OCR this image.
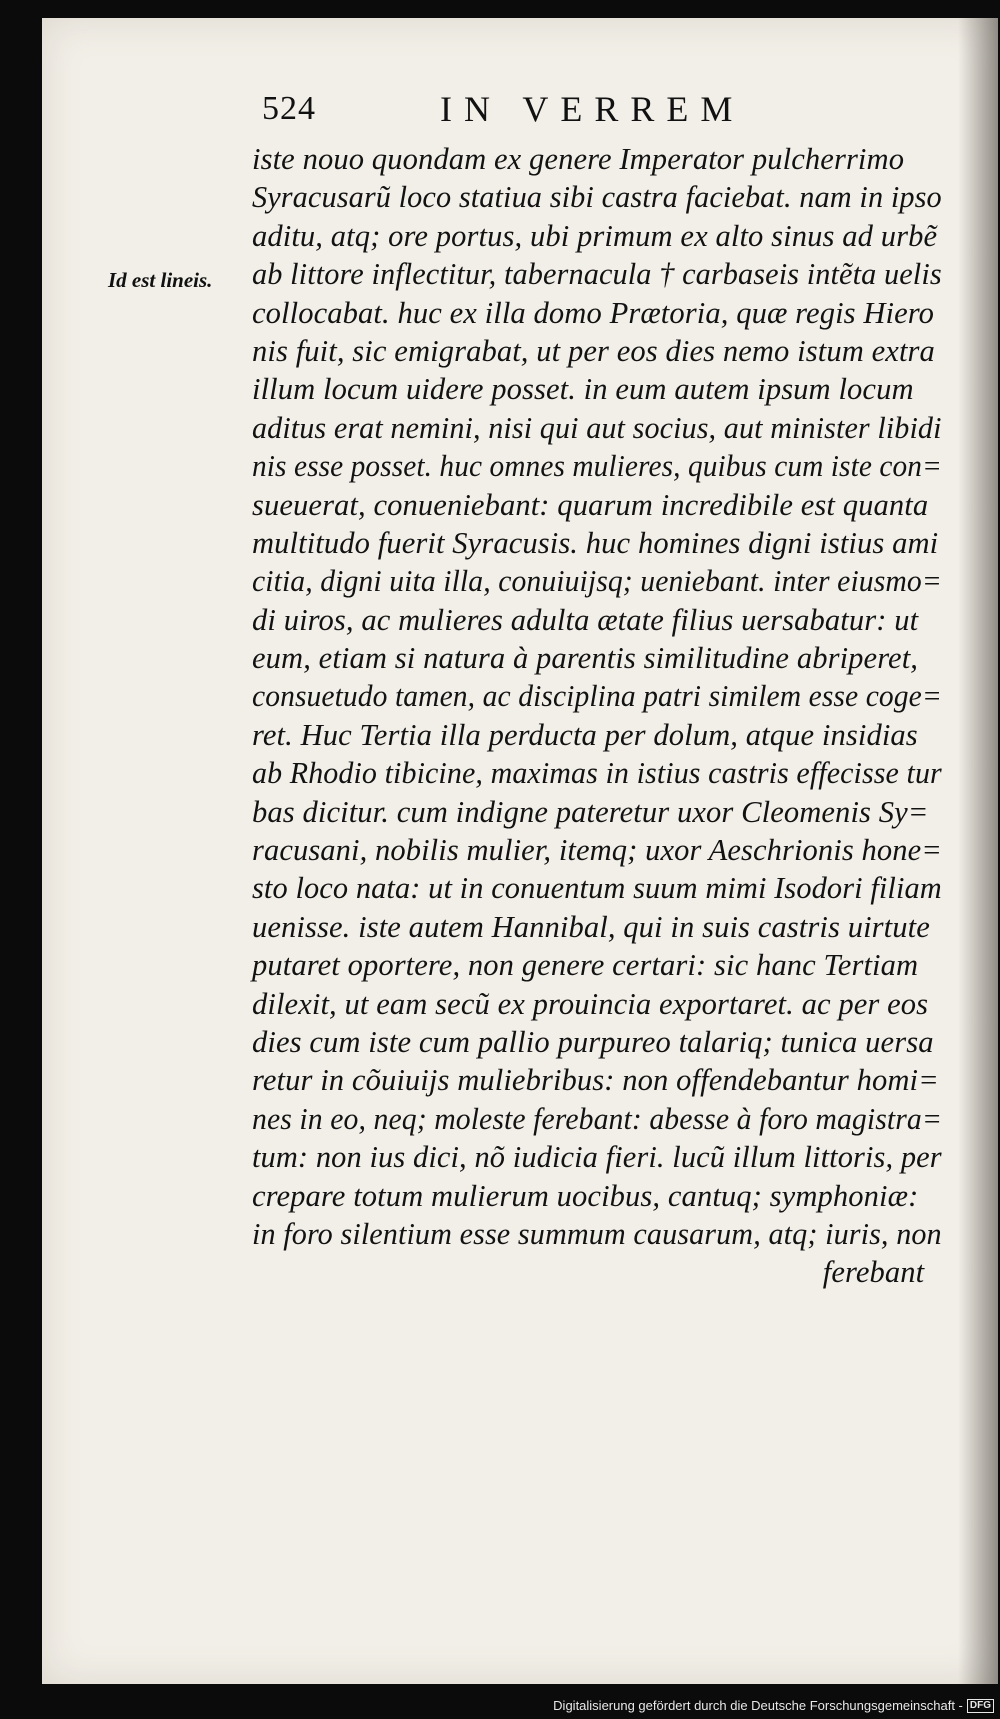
524	IN VERREM
Id est lineis.
iste nouo quondam ex genere Imperator pulcherrimo
Syracusarũ loco statiua sibi castra faciebat. nam in ipso
aditu, atq; ore portus, ubi primum ex alto sinus ad urbẽ
ab littore inflectitur, tabernacula † carbaseis intẽta uelis
collocabat. huc ex illa domo Prætoria, quæ regis Hiero
nis fuit, sic emigrabat, ut per eos dies nemo istum extra
illum locum uidere posset. in eum autem ipsum locum
aditus erat nemini, nisi qui aut socius, aut minister libidi
nis esse posset. huc omnes mulieres, quibus cum iste con=
sueuerat, conueniebant: quarum incredibile est quanta
multitudo fuerit Syracusis. huc homines digni istius ami
citia, digni uita illa, conuiuijsq; ueniebant. inter eiusmo=
di uiros, ac mulieres adulta ætate filius uersabatur: ut
eum, etiam si natura à parentis similitudine abriperet,
consuetudo tamen, ac disciplina patri similem esse coge=
ret. Huc Tertia illa perducta per dolum, atque insidias
ab Rhodio tibicine, maximas in istius castris effecisse tur
bas dicitur. cum indigne pateretur uxor Cleomenis Sy=
racusani, nobilis mulier, itemq; uxor Aeschrionis hone=
sto loco nata: ut in conuentum suum mimi Isodori filiam
uenisse. iste autem Hannibal, qui in suis castris uirtute
putaret oportere, non genere certari: sic hanc Tertiam
dilexit, ut eam secũ ex prouincia exportaret. ac per eos
dies cum iste cum pallio purpureo talariq; tunica uersa
retur in cõuiuijs muliebribus: non offendebantur homi=
nes in eo, neq; moleste ferebant: abesse à foro magistra=
tum: non ius dici, nõ iudicia fieri. lucũ illum littoris, per
crepare totum mulierum uocibus, cantuq; symphoniæ:
in foro silentium esse summum causarum, atq; iuris, non
ferebant
Digitalisierung gefördert durch die Deutsche Forschungsgemeinschaft - DFG
